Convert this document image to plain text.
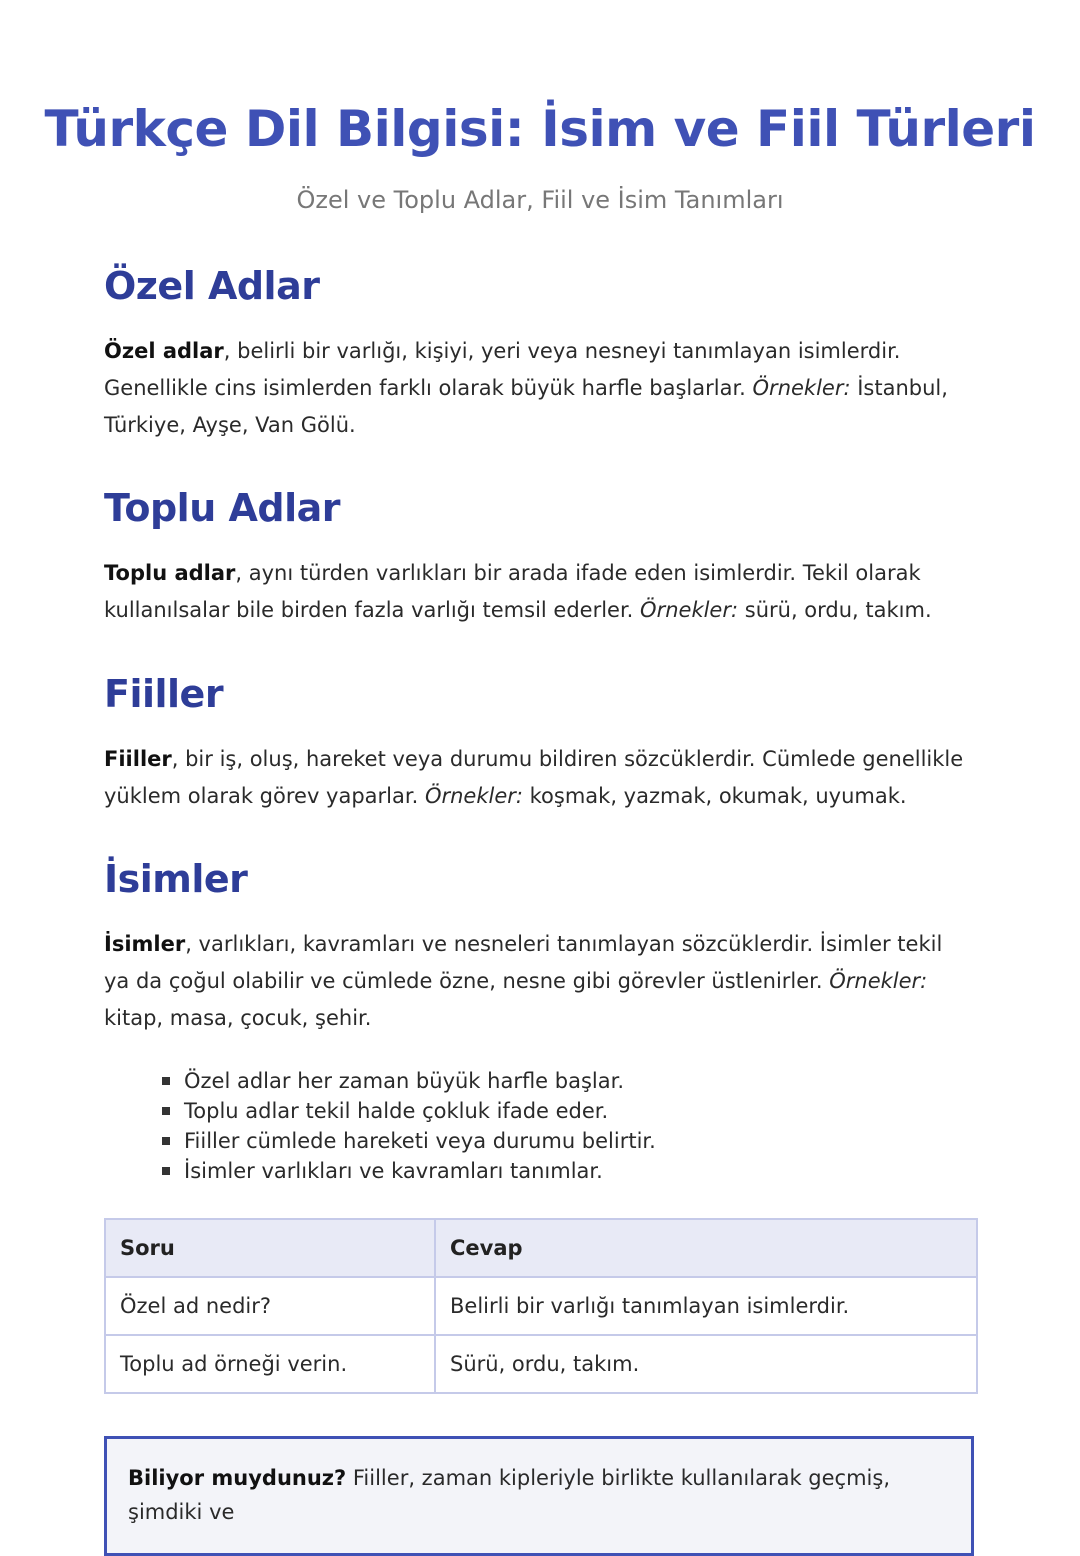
Türkçe Dil Bilgisi: İsim ve Fiil Türleri

Özel ve Toplu Adlar, Fiil ve İsim Tanımları

Özel Adlar

Özel adlar, belirli bir varlığı, kişiyi, yeri veya nesneyi tanımlayan isimlerdir. Genellikle cins isimlerden farklı olarak büyük harfle başlarlar. Örnekler: İstanbul, Türkiye, Ayşe, Van Gölü.

Toplu Adlar

Toplu adlar, aynı türden varlıkları bir arada ifade eden isimlerdir. Tekil olarak kullanılsalar bile birden fazla varlığı temsil ederler. Örnekler: sürü, ordu, takım.

Fiiller

Fiiller, bir iş, oluş, hareket veya durumu bildiren sözcüklerdir. Cümlede genellikle yüklem olarak görev yaparlar. Örnekler: koşmak, yazmak, okumak, uyumak.

İsimler

İsimler, varlıkları, kavramları ve nesneleri tanımlayan sözcüklerdir. İsimler tekil ya da çoğul olabilir ve cümlede özne, nesne gibi görevler üstlenirler. Örnekler: kitap, masa, çocuk, şehir.

Özel adlar her zaman büyük harfle başlar.
Toplu adlar tekil halde çokluk ifade eder.
Fiiller cümlede hareketi veya durumu belirtir.
İsimler varlıkları ve kavramları tanımlar.
Soru	Cevap
Özel ad nedir?	Belirli bir varlığı tanımlayan isimlerdir.
Toplu ad örneği verin.	Sürü, ordu, takım.

Biliyor muydunuz? Fiiller, zaman kipleriyle birlikte kullanılarak geçmiş, şimdiki ve
